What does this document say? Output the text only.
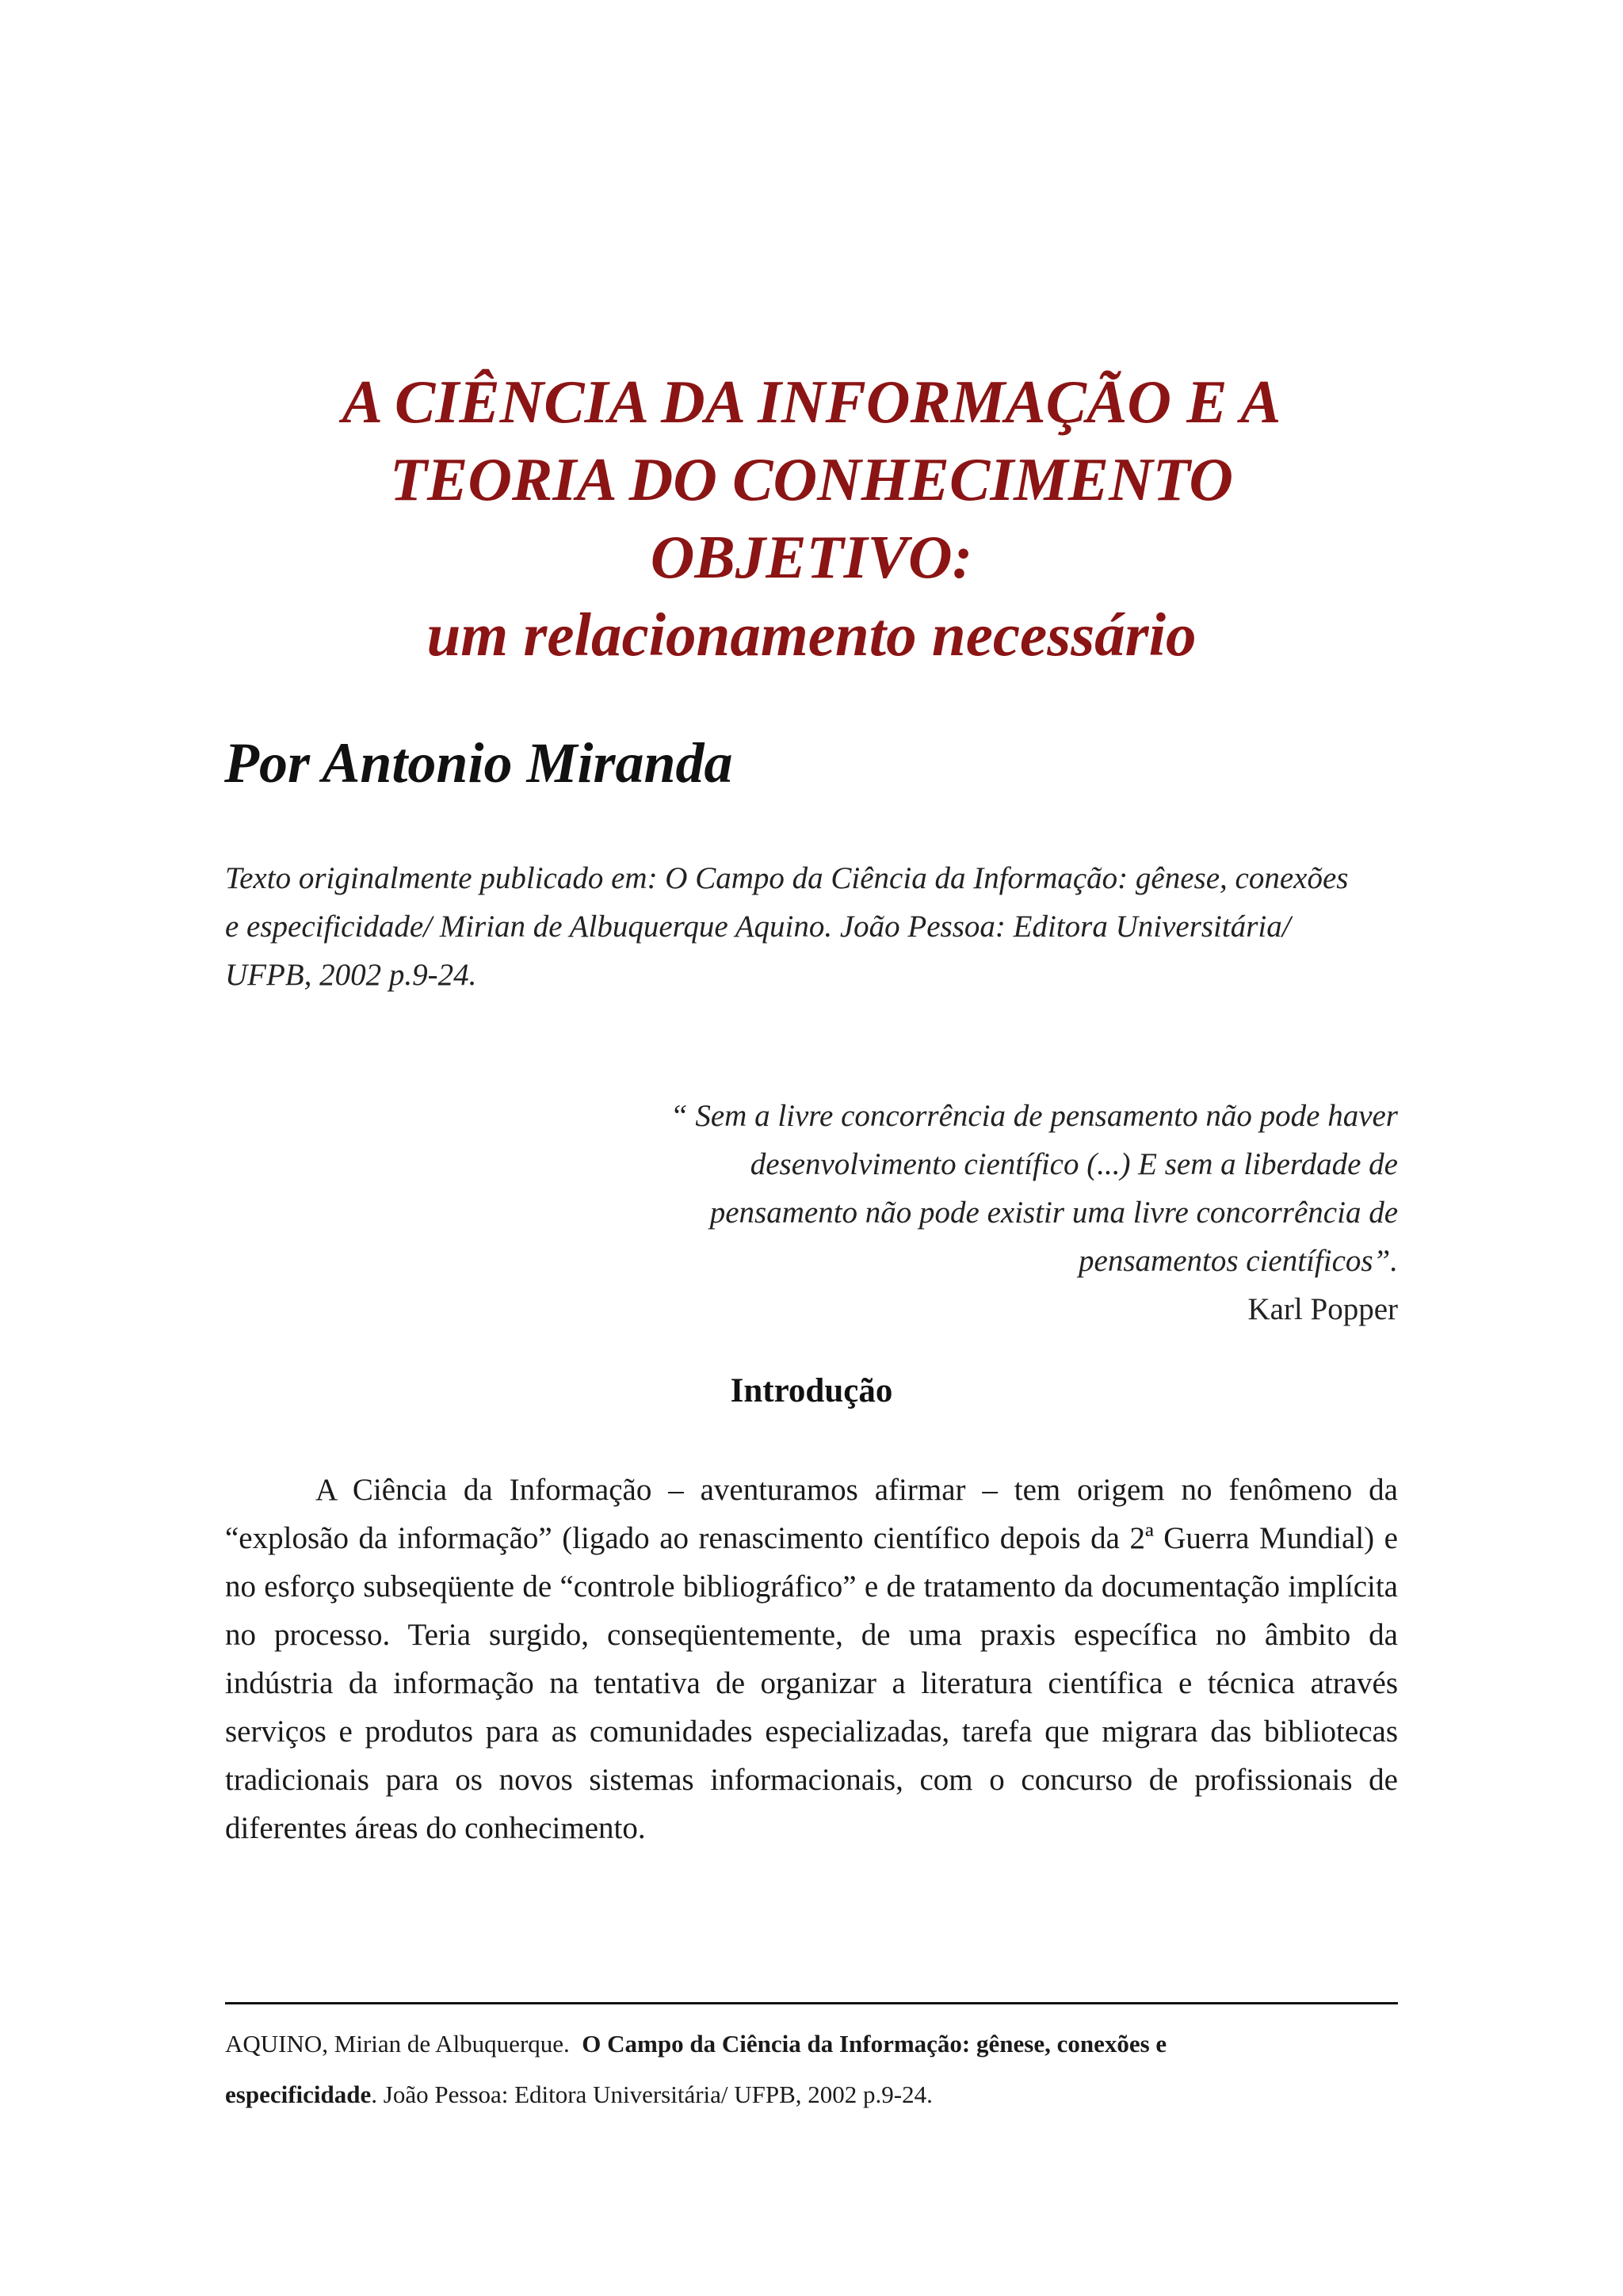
A CIÊNCIA DA INFORMAÇÃO E A
TEORIA DO CONHECIMENTO
OBJETIVO:
um relacionamento necessário
Por Antonio Miranda
Texto originalmente publicado em: O Campo da Ciência da Informação: gênese, conexões
e especificidade/ Mirian de Albuquerque Aquino. João Pessoa: Editora Universitária/
UFPB, 2002 p.9-24.
“ Sem a livre concorrência de pensamento não pode haver
desenvolvimento científico (...) E sem a liberdade de
pensamento não pode existir uma livre concorrência de
pensamentos científicos”.
Karl Popper
Introdução
A Ciência da Informação – aventuramos afirmar – tem origem no fenômeno da “explosão da informação” (ligado ao renascimento científico depois da 2ª Guerra Mundial) e no esforço subseqüente de “controle bibliográfico” e de tratamento da documentação implícita no processo. Teria surgido, conseqüentemente, de uma praxis específica no âmbito da indústria da informação na tentativa de organizar a literatura científica e técnica através serviços e produtos para as comunidades especializadas, tarefa que migrara das bibliotecas tradicionais para os novos sistemas informacionais, com o concurso de profissionais de diferentes áreas do conhecimento.
AQUINO, Mirian de Albuquerque. O Campo da Ciência da Informação: gênese, conexões e
especificidade. João Pessoa: Editora Universitária/ UFPB, 2002 p.9-24.
